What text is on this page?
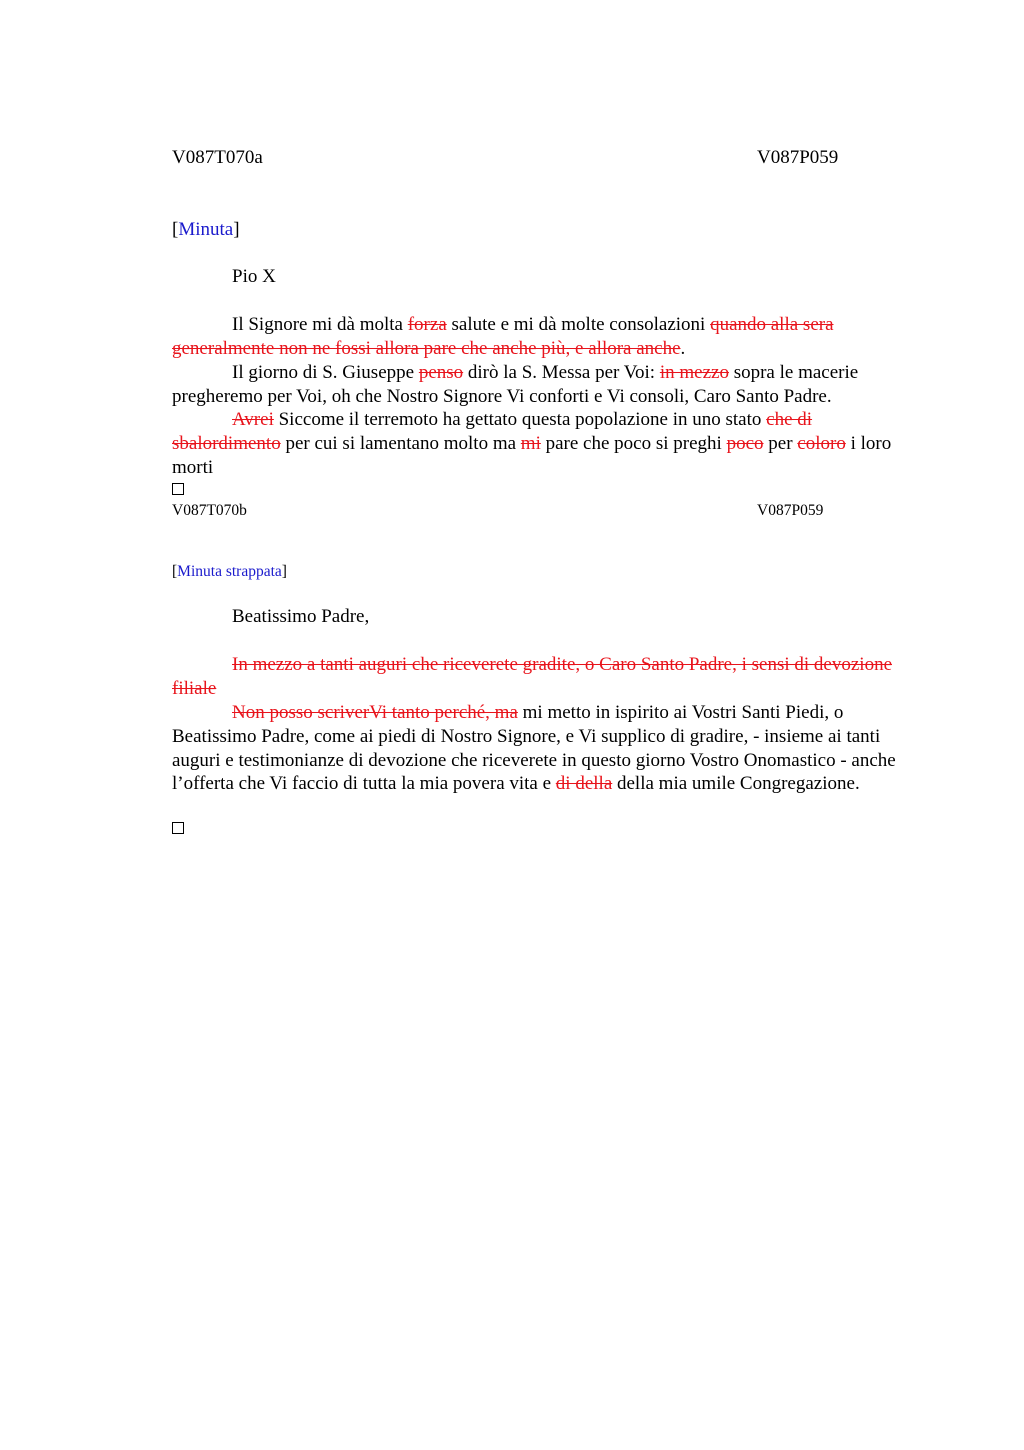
V087T070a	V087P059
[Minuta]
Pio X
Il Signore mi dà molta forza salute e mi dà molte consolazioni quando alla sera generalmente non ne fossi allora pare che anche più, e allora anche.
Il giorno di S. Giuseppe penso dirò la S. Messa per Voi: in mezzo sopra le macerie pregheremo per Voi, oh che Nostro Signore Vi conforti e Vi consoli, Caro Santo Padre.
Avrei Siccome il terremoto ha gettato questa popolazione in uno stato che di sbalordimento per cui si lamentano molto ma mi pare che poco si preghi poco per coloro i loro morti
V087T070b	V087P059
[Minuta strappata]
Beatissimo Padre,
In mezzo a tanti auguri che riceverete gradite, o Caro Santo Padre, i sensi di devozione filiale
Non posso scriverVi tanto perché, ma mi metto in ispirito ai Vostri Santi Piedi, o Beatissimo Padre, come ai piedi di Nostro Signore, e Vi supplico di gradire, - insieme ai tanti auguri e testimonianze di devozione che riceverete in questo giorno Vostro Onomastico - anche l’offerta che Vi faccio di tutta la mia povera vita e di della della mia umile Congregazione.
